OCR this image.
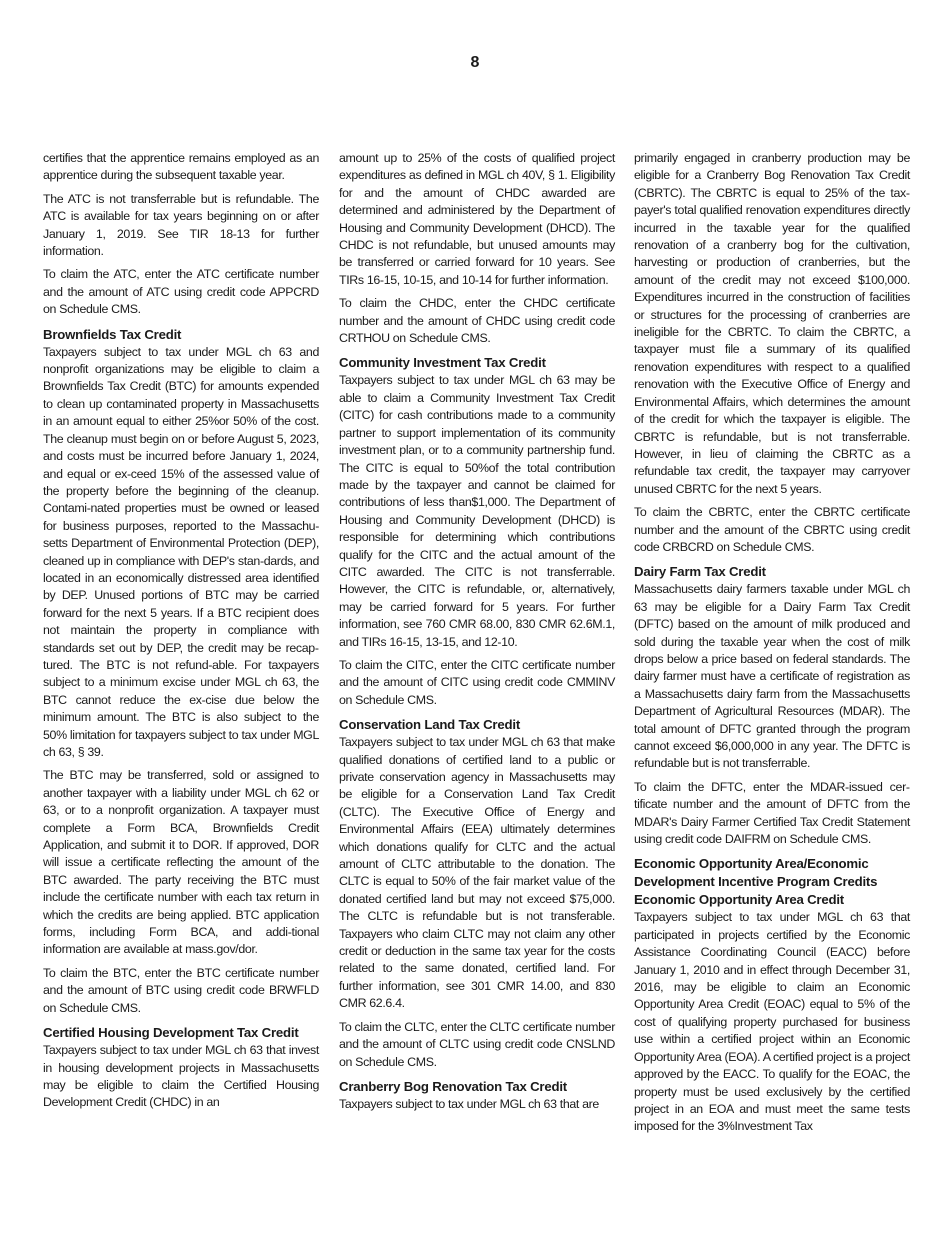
8

certifies that the apprentice remains employed as an apprentice during the subsequent taxable year.

The ATC is not transferrable but is refundable. The ATC is available for tax years beginning on or after January 1, 2019. See TIR 18-13 for further information.

To claim the ATC, enter the ATC certificate number and the amount of ATC using credit code APPCRD on Schedule CMS.

Brownfields Tax Credit

Taxpayers subject to tax under MGL ch 63 and nonprofit organizations may be eligible to claim a Brownfields Tax Credit (BTC) for amounts expended to clean up contaminated property in Massachusetts in an amount equal to either 25%or 50% of the cost. The cleanup must begin on or before August 5, 2023, and costs must be incurred before January 1, 2024, and equal or ex-ceed 15% of the assessed value of the property before the beginning of the cleanup. Contami-nated properties must be owned or leased for business purposes, reported to the Massachu-setts Department of Environmental Protection (DEP), cleaned up in compliance with DEP's stan-dards, and located in an economically distressed area identified by DEP. Unused portions of BTC may be carried forward for the next 5 years. If a BTC recipient does not maintain the property in compliance with standards set out by DEP, the credit may be recaptured. The BTC is not refund-able. For taxpayers subject to a minimum excise under MGL ch 63, the BTC cannot reduce the ex-cise due below the minimum amount. The BTC is also subject to the 50% limitation for taxpayers subject to tax under MGL ch 63, § 39.

The BTC may be transferred, sold or assigned to another taxpayer with a liability under MGL ch 62 or 63, or to a nonprofit organization. A taxpayer must complete a Form BCA, Brownfields Credit Application, and submit it to DOR. If approved, DOR will issue a certificate reflecting the amount of the BTC awarded. The party receiving the BTC must include the certificate number with each tax return in which the credits are being applied. BTC application forms, including Form BCA, and addi-tional information are available at mass.gov/dor.

To claim the BTC, enter the BTC certificate number and the amount of BTC using credit code BRWFLD on Schedule CMS.

Certified Housing Development Tax Credit

Taxpayers subject to tax under MGL ch 63 that invest in housing development projects in Massachusetts may be eligible to claim the Certified Housing Development Credit (CHDC) in an

amount up to 25% of the costs of qualified project expenditures as defined in MGL ch 40V, § 1. Eligibility for and the amount of CHDC awarded are determined and administered by the Department of Housing and Community Development (DHCD). The CHDC is not refundable, but unused amounts may be transferred or carried forward for 10 years. See TIRs 16-15, 10-15, and 10-14 for further information.

To claim the CHDC, enter the CHDC certificate number and the amount of CHDC using credit code CRTHOU on Schedule CMS.

Community Investment Tax Credit

Taxpayers subject to tax under MGL ch 63 may be able to claim a Community Investment Tax Credit (CITC) for cash contributions made to a community partner to support implementation of its community investment plan, or to a community partnership fund. The CITC is equal to 50%of the total contribution made by the taxpayer and cannot be claimed for contributions of less than$1,000. The Department of Housing and Community Development (DHCD) is responsible for determining which contributions qualify for the CITC and the actual amount of the CITC awarded. The CITC is not transferrable. However, the CITC is refundable, or, alternatively, may be carried forward for 5 years. For further information, see 760 CMR 68.00, 830 CMR 62.6M.1, and TIRs 16-15, 13-15, and 12-10.

To claim the CITC, enter the CITC certificate number and the amount of CITC using credit code CMMINV on Schedule CMS.

Conservation Land Tax Credit

Taxpayers subject to tax under MGL ch 63 that make qualified donations of certified land to a public or private conservation agency in Massachusetts may be eligible for a Conservation Land Tax Credit (CLTC). The Executive Office of Energy and Environmental Affairs (EEA) ultimately determines which donations qualify for CLTC and the actual amount of CLTC attributable to the donation. The CLTC is equal to 50% of the fair market value of the donated certified land but may not exceed $75,000. The CLTC is refundable but is not transferable. Taxpayers who claim CLTC may not claim any other credit or deduction in the same tax year for the costs related to the same donated, certified land. For further information, see 301 CMR 14.00, and 830 CMR 62.6.4.

To claim the CLTC, enter the CLTC certificate number and the amount of CLTC using credit code CNSLND on Schedule CMS.

Cranberry Bog Renovation Tax Credit

Taxpayers subject to tax under MGL ch 63 that are

primarily engaged in cranberry production may be eligible for a Cranberry Bog Renovation Tax Credit (CBRTC). The CBRTC is equal to 25% of the taxpayer's total qualified renovation expenditures directly incurred in the taxable year for the qualified renovation of a cranberry bog for the cultivation, harvesting or production of cranberries, but the amount of the credit may not exceed $100,000. Expenditures incurred in the construction of facilities or structures for the processing of cranberries are ineligible for the CBRTC. To claim the CBRTC, a taxpayer must file a summary of its qualified renovation expenditures with respect to a qualified renovation with the Executive Office of Energy and Environmental Affairs, which determines the amount of the credit for which the taxpayer is eligible. The CBRTC is refundable, but is not transferrable. However, in lieu of claiming the CBRTC as a refundable tax credit, the taxpayer may carryover unused CBRTC for the next 5 years.

To claim the CBRTC, enter the CBRTC certificate number and the amount of the CBRTC using credit code CRBCRD on Schedule CMS.

Dairy Farm Tax Credit

Massachusetts dairy farmers taxable under MGL ch 63 may be eligible for a Dairy Farm Tax Credit (DFTC) based on the amount of milk produced and sold during the taxable year when the cost of milk drops below a price based on federal standards. The dairy farmer must have a certificate of registration as a Massachusetts dairy farm from the Massachusetts Department of Agricultural Resources (MDAR). The total amount of DFTC granted through the program cannot exceed $6,000,000 in any year. The DFTC is refundable but is not transferrable.

To claim the DFTC, enter the MDAR-issued certificate number and the amount of DFTC from the MDAR's Dairy Farmer Certified Tax Credit Statement using credit code DAIFRM on Schedule CMS.

Economic Opportunity Area/Economic Development Incentive Program Credits
Economic Opportunity Area Credit

Taxpayers subject to tax under MGL ch 63 that participated in projects certified by the Economic Assistance Coordinating Council (EACC) before January 1, 2010 and in effect through December 31, 2016, may be eligible to claim an Economic Opportunity Area Credit (EOAC) equal to 5% of the cost of qualifying property purchased for business use within a certified project within an Economic Opportunity Area (EOA). A certified project is a project approved by the EACC. To qualify for the EOAC, the property must be used exclusively by the certified project in an EOA and must meet the same tests imposed for the 3%Investment Tax
